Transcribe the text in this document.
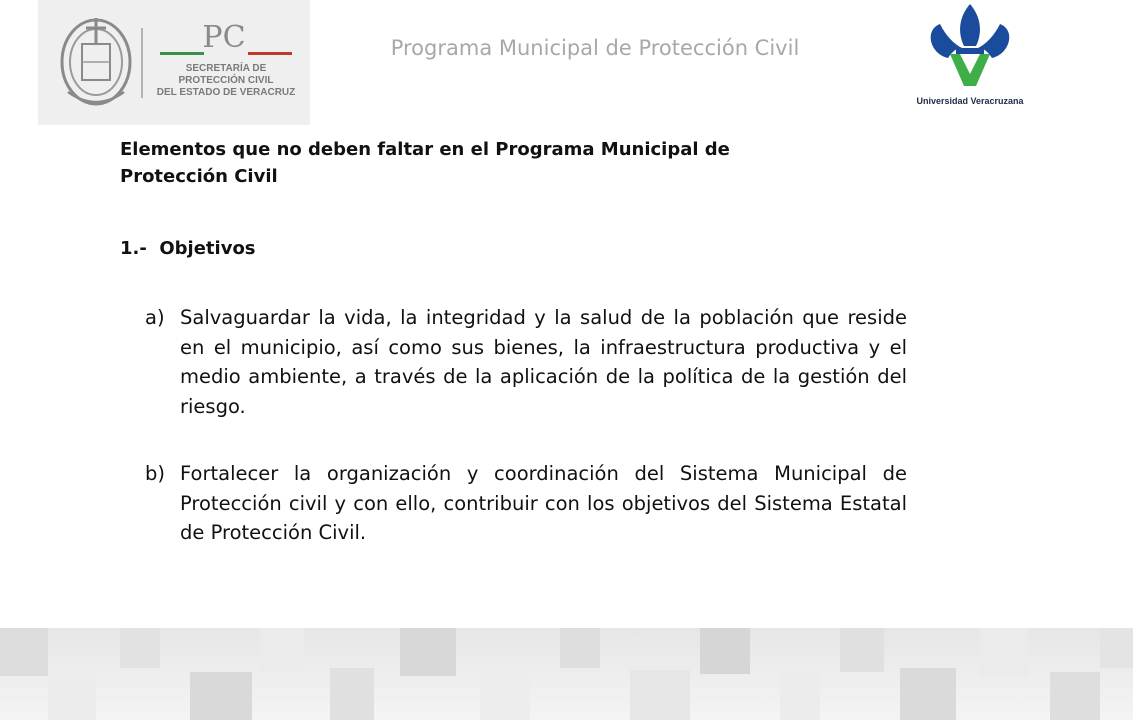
PC
SECRETARÍA DE
PROTECCIÓN CIVIL
DEL ESTADO DE VERACRUZ
Programa Municipal de Protección Civil
Universidad Veracruzana
Elementos que no deben faltar en el Programa Municipal de Protección Civil
1.-  Objetivos
a) Salvaguardar la vida, la integridad y la salud de la población que reside en el municipio, así como sus bienes, la infraestructura productiva y el medio ambiente, a través de la aplicación de la política de la gestión del riesgo.
b) Fortalecer la organización y coordinación del Sistema Municipal de Protección civil y con ello, contribuir con los objetivos del Sistema Estatal de Protección Civil.
